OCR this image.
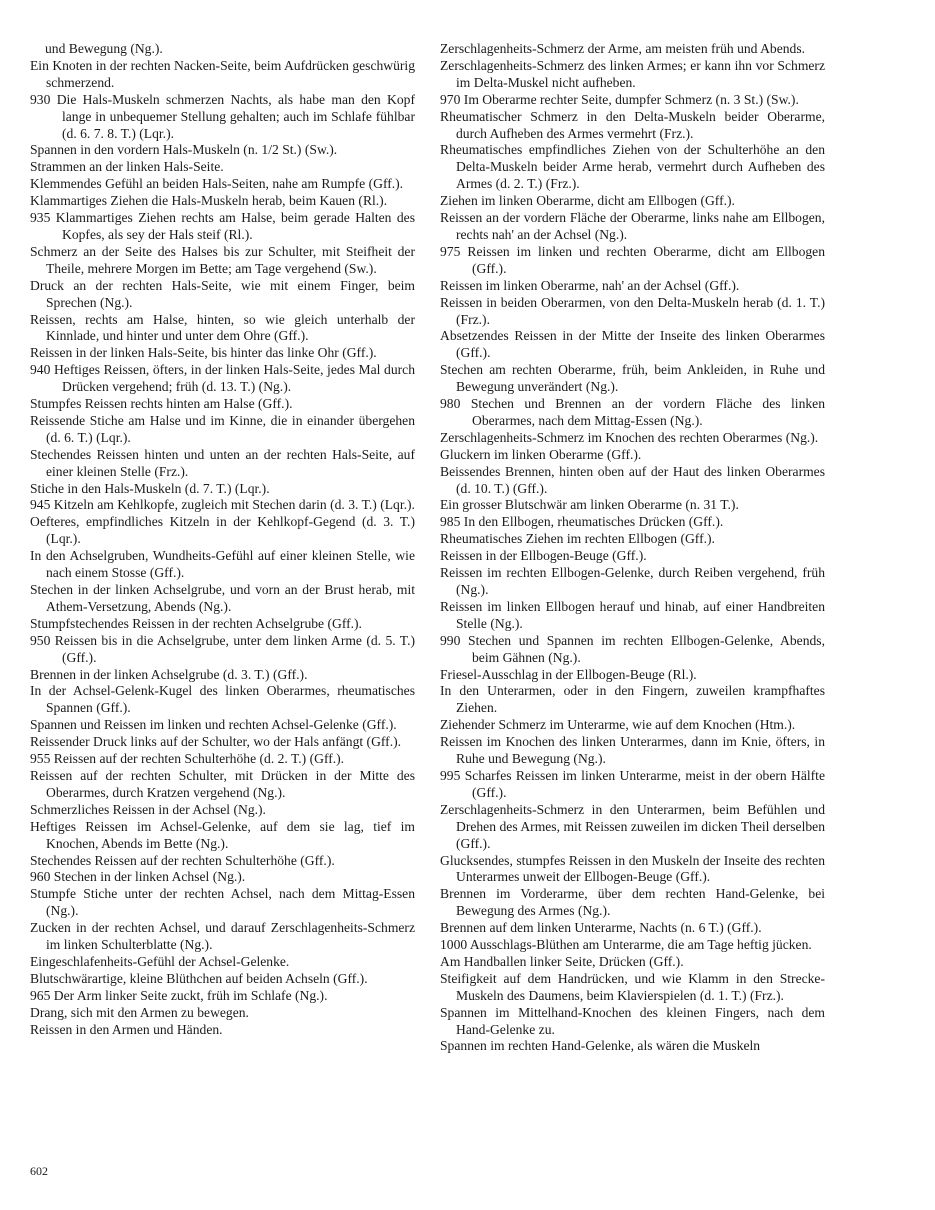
und Bewegung (Ng.).
Ein Knoten in der rechten Nacken-Seite, beim Aufdrücken geschwürig schmerzend.
930 Die Hals-Muskeln schmerzen Nachts, als habe man den Kopf lange in unbequemer Stellung gehalten; auch im Schlafe fühlbar (d. 6. 7. 8. T.) (Lqr.).
Spannen in den vordern Hals-Muskeln (n. 1/2 St.) (Sw.).
Strammen an der linken Hals-Seite.
Klemmendes Gefühl an beiden Hals-Seiten, nahe am Rumpfe (Gff.).
Klammartiges Ziehen die Hals-Muskeln herab, beim Kauen (Rl.).
935 Klammartiges Ziehen rechts am Halse, beim gerade Halten des Kopfes, als sey der Hals steif (Rl.).
Schmerz an der Seite des Halses bis zur Schulter, mit Steifheit der Theile, mehrere Morgen im Bette; am Tage vergehend (Sw.).
Druck an der rechten Hals-Seite, wie mit einem Finger, beim Sprechen (Ng.).
Reissen, rechts am Halse, hinten, so wie gleich unterhalb der Kinnlade, und hinter und unter dem Ohre (Gff.).
Reissen in der linken Hals-Seite, bis hinter das linke Ohr (Gff.).
940 Heftiges Reissen, öfters, in der linken Hals-Seite, jedes Mal durch Drücken vergehend; früh (d. 13. T.) (Ng.).
Stumpfes Reissen rechts hinten am Halse (Gff.).
Reissende Stiche am Halse und im Kinne, die in einander übergehen (d. 6. T.) (Lqr.).
Stechendes Reissen hinten und unten an der rechten Hals-Seite, auf einer kleinen Stelle (Frz.).
Stiche in den Hals-Muskeln (d. 7. T.) (Lqr.).
945 Kitzeln am Kehlkopfe, zugleich mit Stechen darin (d. 3. T.) (Lqr.).
Oefteres, empfindliches Kitzeln in der Kehlkopf-Gegend (d. 3. T.) (Lqr.).
In den Achselgruben, Wundheits-Gefühl auf einer kleinen Stelle, wie nach einem Stosse (Gff.).
Stechen in der linken Achselgrube, und vorn an der Brust herab, mit Athem-Versetzung, Abends (Ng.).
Stumpfstechendes Reissen in der rechten Achselgrube (Gff.).
950 Reissen bis in die Achselgrube, unter dem linken Arme (d. 5. T.) (Gff.).
Brennen in der linken Achselgrube (d. 3. T.) (Gff.).
In der Achsel-Gelenk-Kugel des linken Oberarmes, rheumatisches Spannen (Gff.).
Spannen und Reissen im linken und rechten Achsel-Gelenke (Gff.).
Reissender Druck links auf der Schulter, wo der Hals anfängt (Gff.).
955 Reissen auf der rechten Schulterhöhe (d. 2. T.) (Gff.).
Reissen auf der rechten Schulter, mit Drücken in der Mitte des Oberarmes, durch Kratzen vergehend (Ng.).
Schmerzliches Reissen in der Achsel (Ng.).
Heftiges Reissen im Achsel-Gelenke, auf dem sie lag, tief im Knochen, Abends im Bette (Ng.).
Stechendes Reissen auf der rechten Schulterhöhe (Gff.).
960 Stechen in der linken Achsel (Ng.).
Stumpfe Stiche unter der rechten Achsel, nach dem Mittag-Essen (Ng.).
Zucken in der rechten Achsel, und darauf Zerschlagenheits-Schmerz im linken Schulterblatte (Ng.).
Eingeschlafenheits-Gefühl der Achsel-Gelenke.
Blutschwärartige, kleine Blüthchen auf beiden Achseln (Gff.).
965 Der Arm linker Seite zuckt, früh im Schlafe (Ng.).
Drang, sich mit den Armen zu bewegen.
Reissen in den Armen und Händen.
Zerschlagenheits-Schmerz der Arme, am meisten früh und Abends.
Zerschlagenheits-Schmerz des linken Armes; er kann ihn vor Schmerz im Delta-Muskel nicht aufheben.
970 Im Oberarme rechter Seite, dumpfer Schmerz (n. 3 St.) (Sw.).
Rheumatischer Schmerz in den Delta-Muskeln beider Oberarme, durch Aufheben des Armes vermehrt (Frz.).
Rheumatisches empfindliches Ziehen von der Schulterhöhe an den Delta-Muskeln beider Arme herab, vermehrt durch Aufheben des Armes (d. 2. T.) (Frz.).
Ziehen im linken Oberarme, dicht am Ellbogen (Gff.).
Reissen an der vordern Fläche der Oberarme, links nahe am Ellbogen, rechts nah' an der Achsel (Ng.).
975 Reissen im linken und rechten Oberarme, dicht am Ellbogen (Gff.).
Reissen im linken Oberarme, nah' an der Achsel (Gff.).
Reissen in beiden Oberarmen, von den Delta-Muskeln herab (d. 1. T.) (Frz.).
Absetzendes Reissen in der Mitte der Inseite des linken Oberarmes (Gff.).
Stechen am rechten Oberarme, früh, beim Ankleiden, in Ruhe und Bewegung unverändert (Ng.).
980 Stechen und Brennen an der vordern Fläche des linken Oberarmes, nach dem Mittag-Essen (Ng.).
Zerschlagenheits-Schmerz im Knochen des rechten Oberarmes (Ng.).
Gluckern im linken Oberarme (Gff.).
Beissendes Brennen, hinten oben auf der Haut des linken Oberarmes (d. 10. T.) (Gff.).
Ein grosser Blutschwär am linken Oberarme (n. 31 T.).
985 In den Ellbogen, rheumatisches Drücken (Gff.).
Rheumatisches Ziehen im rechten Ellbogen (Gff.).
Reissen in der Ellbogen-Beuge (Gff.).
Reissen im rechten Ellbogen-Gelenke, durch Reiben vergehend, früh (Ng.).
Reissen im linken Ellbogen herauf und hinab, auf einer Handbreiten Stelle (Ng.).
990 Stechen und Spannen im rechten Ellbogen-Gelenke, Abends, beim Gähnen (Ng.).
Friesel-Ausschlag in der Ellbogen-Beuge (Rl.).
In den Unterarmen, oder in den Fingern, zuweilen krampfhaftes Ziehen.
Ziehender Schmerz im Unterarme, wie auf dem Knochen (Htm.).
Reissen im Knochen des linken Unterarmes, dann im Knie, öfters, in Ruhe und Bewegung (Ng.).
995 Scharfes Reissen im linken Unterarme, meist in der obern Hälfte (Gff.).
Zerschlagenheits-Schmerz in den Unterarmen, beim Befühlen und Drehen des Armes, mit Reissen zuweilen im dicken Theil derselben (Gff.).
Glucksendes, stumpfes Reissen in den Muskeln der Inseite des rechten Unterarmes unweit der Ellbogen-Beuge (Gff.).
Brennen im Vorderarme, über dem rechten Hand-Gelenke, bei Bewegung des Armes (Ng.).
Brennen auf dem linken Unterarme, Nachts (n. 6 T.) (Gff.).
1000 Ausschlags-Blüthen am Unterarme, die am Tage heftig jücken.
Am Handballen linker Seite, Drücken (Gff.).
Steifigkeit auf dem Handrücken, und wie Klamm in den Strecke-Muskeln des Daumens, beim Klavierspielen (d. 1. T.) (Frz.).
Spannen im Mittelhand-Knochen des kleinen Fingers, nach dem Hand-Gelenke zu.
Spannen im rechten Hand-Gelenke, als wären die Muskeln
602
